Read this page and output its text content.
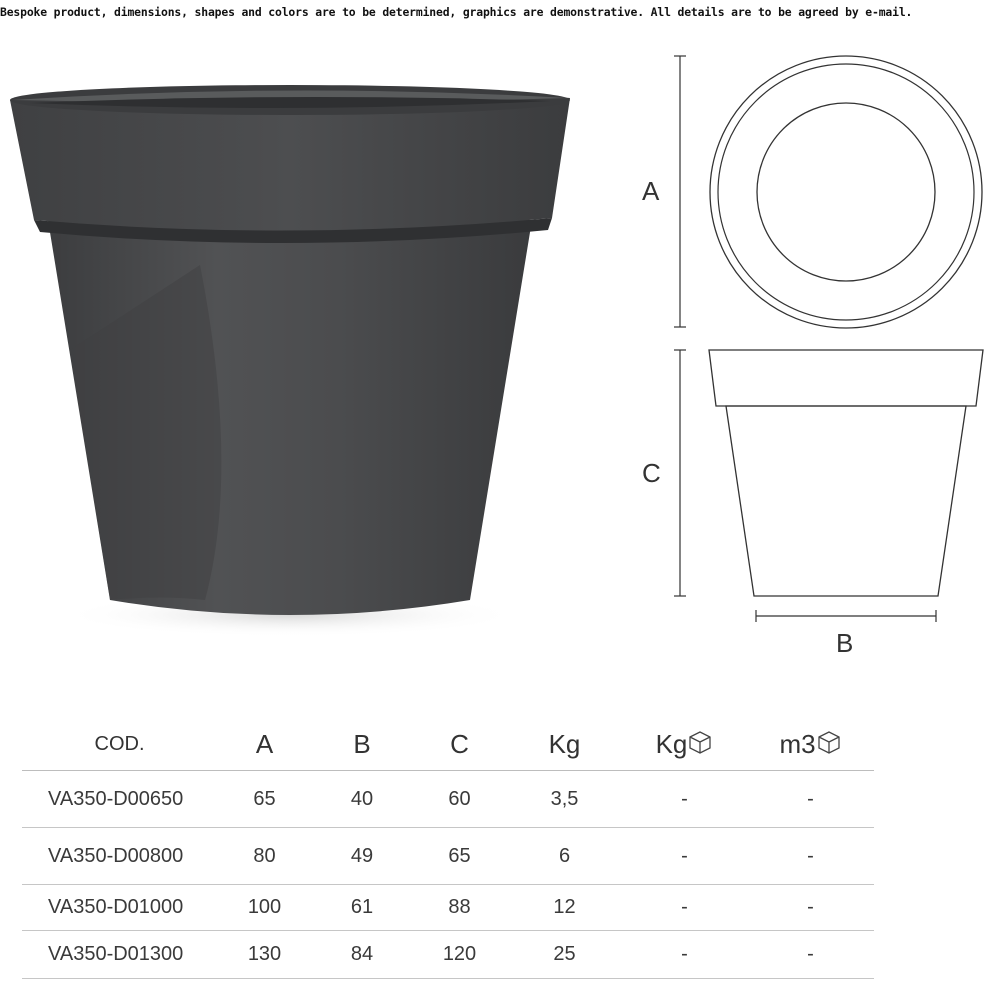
Bespoke product, dimensions, shapes and colors are to be determined, graphics are demonstrative. All details are to be agreed by e-mail.
A
C
B
COD.	A	B	C	Kg	Kg	m3
VA350-D00650	65	40	60	3,5	-	-
VA350-D00800	80	49	65	6	-	-
VA350-D01000	100	61	88	12	-	-
VA350-D01300	130	84	120	25	-	-
